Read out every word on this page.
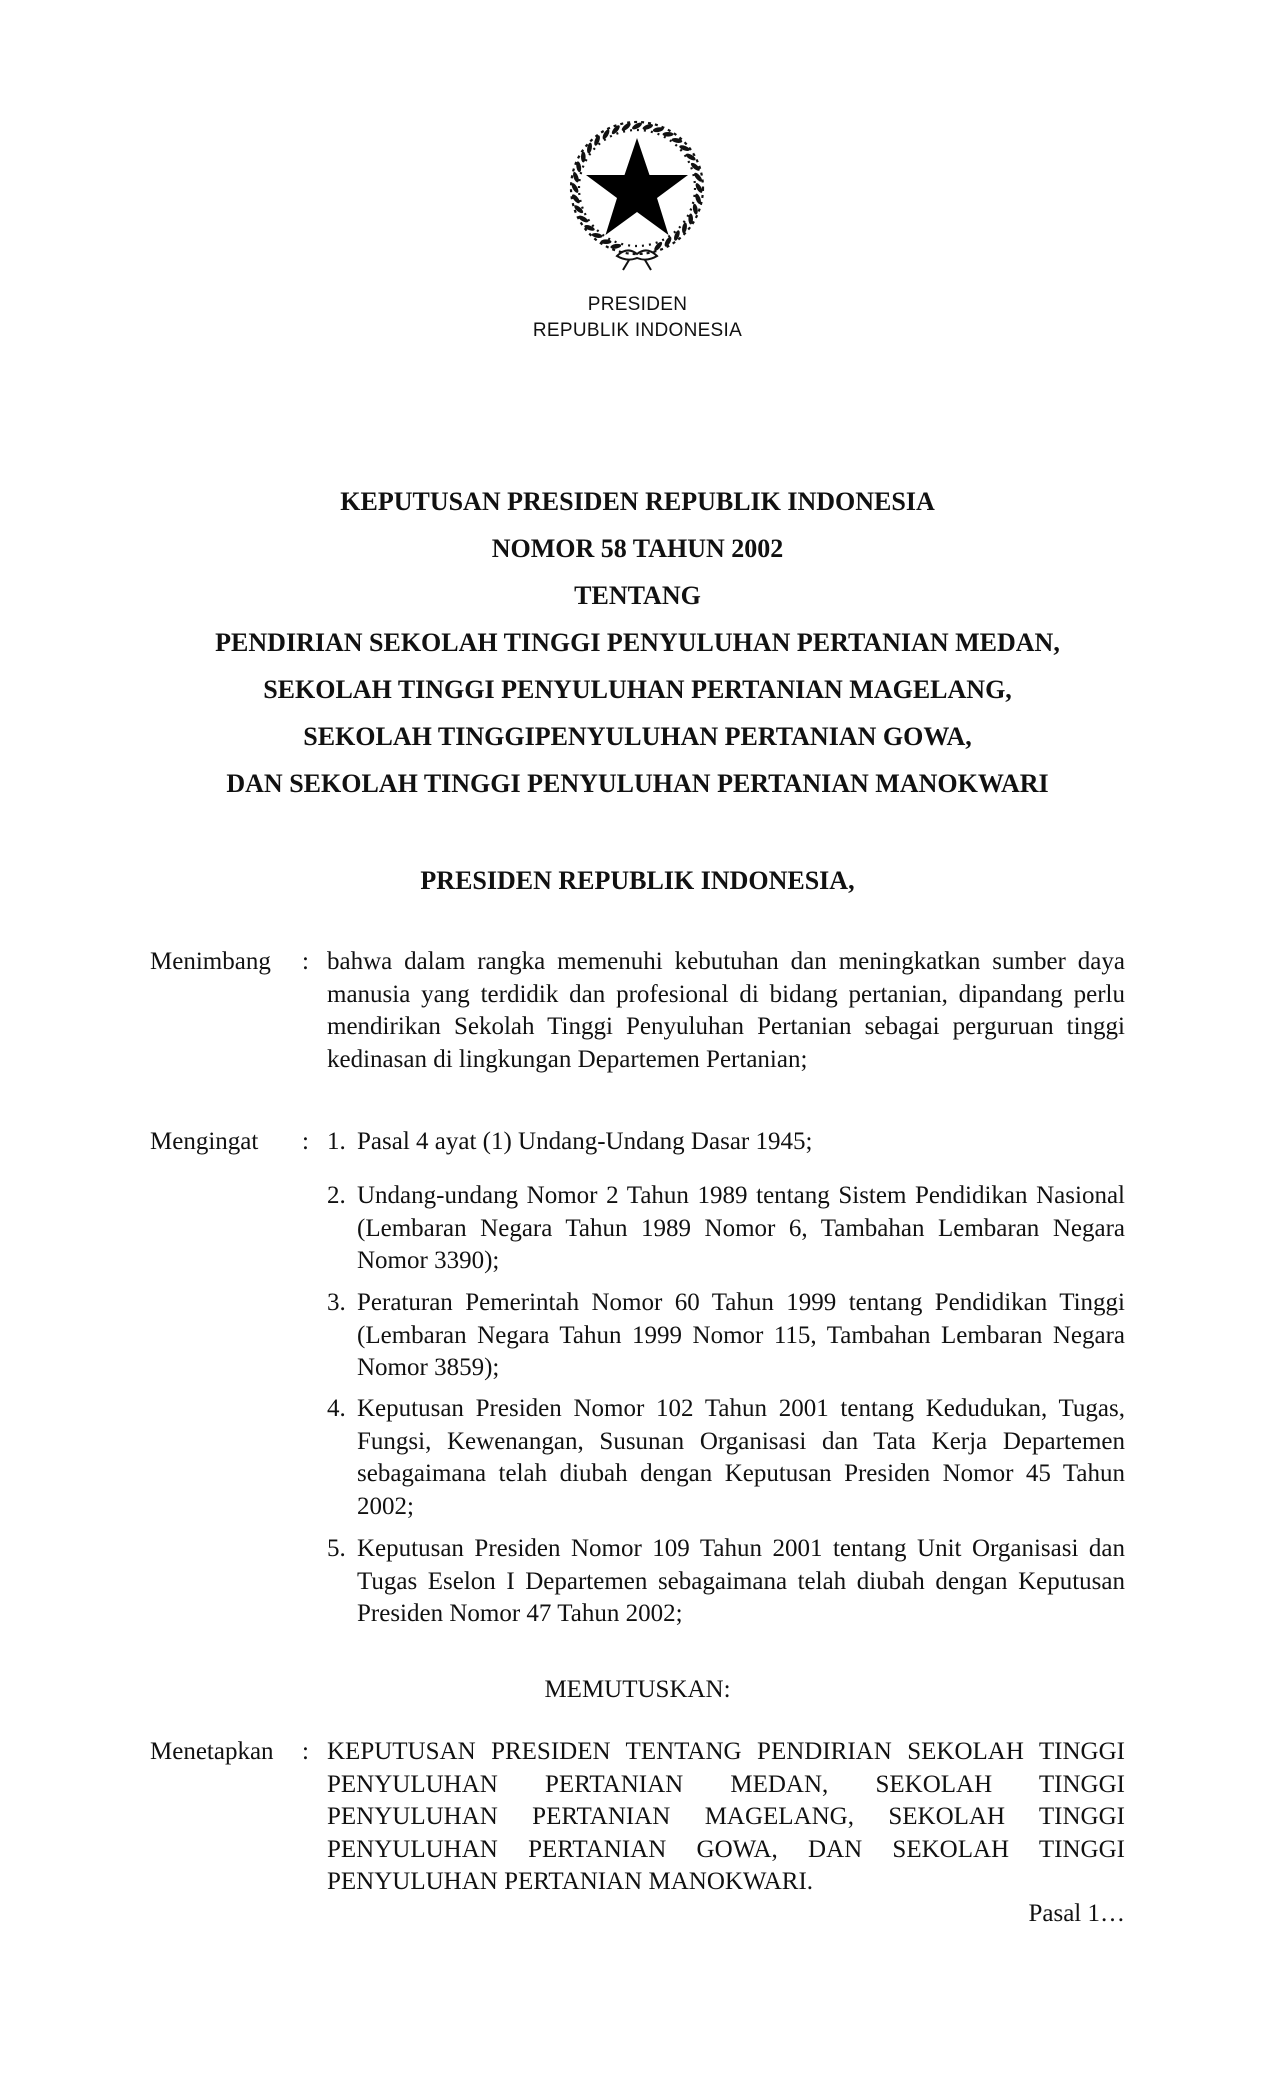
PRESIDEN
REPUBLIK INDONESIA
KEPUTUSAN PRESIDEN REPUBLIK INDONESIA
NOMOR 58 TAHUN 2002
TENTANG
PENDIRIAN SEKOLAH TINGGI PENYULUHAN PERTANIAN MEDAN,
SEKOLAH TINGGI PENYULUHAN PERTANIAN MAGELANG,
SEKOLAH TINGGIPENYULUHAN PERTANIAN GOWA,
DAN SEKOLAH TINGGI PENYULUHAN PERTANIAN MANOKWARI
PRESIDEN REPUBLIK INDONESIA,
Menimbang : bahwa dalam rangka memenuhi kebutuhan dan meningkatkan sumber daya manusia yang terdidik dan profesional di bidang pertanian, dipandang perlu mendirikan Sekolah Tinggi Penyuluhan Pertanian sebagai perguruan tinggi kedinasan di lingkungan Departemen Pertanian;
Mengingat : 1. Pasal 4 ayat (1) Undang-Undang Dasar 1945;
2. Undang-undang Nomor 2 Tahun 1989 tentang Sistem Pendidikan Nasional (Lembaran Negara Tahun 1989 Nomor 6, Tambahan Lembaran Negara Nomor 3390);
3. Peraturan Pemerintah Nomor 60 Tahun 1999 tentang Pendidikan Tinggi (Lembaran Negara Tahun 1999 Nomor 115, Tambahan Lembaran Negara Nomor 3859);
4. Keputusan Presiden Nomor 102 Tahun 2001 tentang Kedudukan, Tugas, Fungsi, Kewenangan, Susunan Organisasi dan Tata Kerja Departemen sebagaimana telah diubah dengan Keputusan Presiden Nomor 45 Tahun 2002;
5. Keputusan Presiden Nomor 109 Tahun 2001 tentang Unit Organisasi dan Tugas Eselon I Departemen sebagaimana telah diubah dengan Keputusan Presiden Nomor 47 Tahun 2002;
MEMUTUSKAN:
Menetapkan : KEPUTUSAN PRESIDEN TENTANG PENDIRIAN SEKOLAH TINGGI PENYULUHAN PERTANIAN MEDAN, SEKOLAH TINGGI PENYULUHAN PERTANIAN MAGELANG, SEKOLAH TINGGI PENYULUHAN PERTANIAN GOWA, DAN SEKOLAH TINGGI PENYULUHAN PERTANIAN MANOKWARI.
Pasal 1…
